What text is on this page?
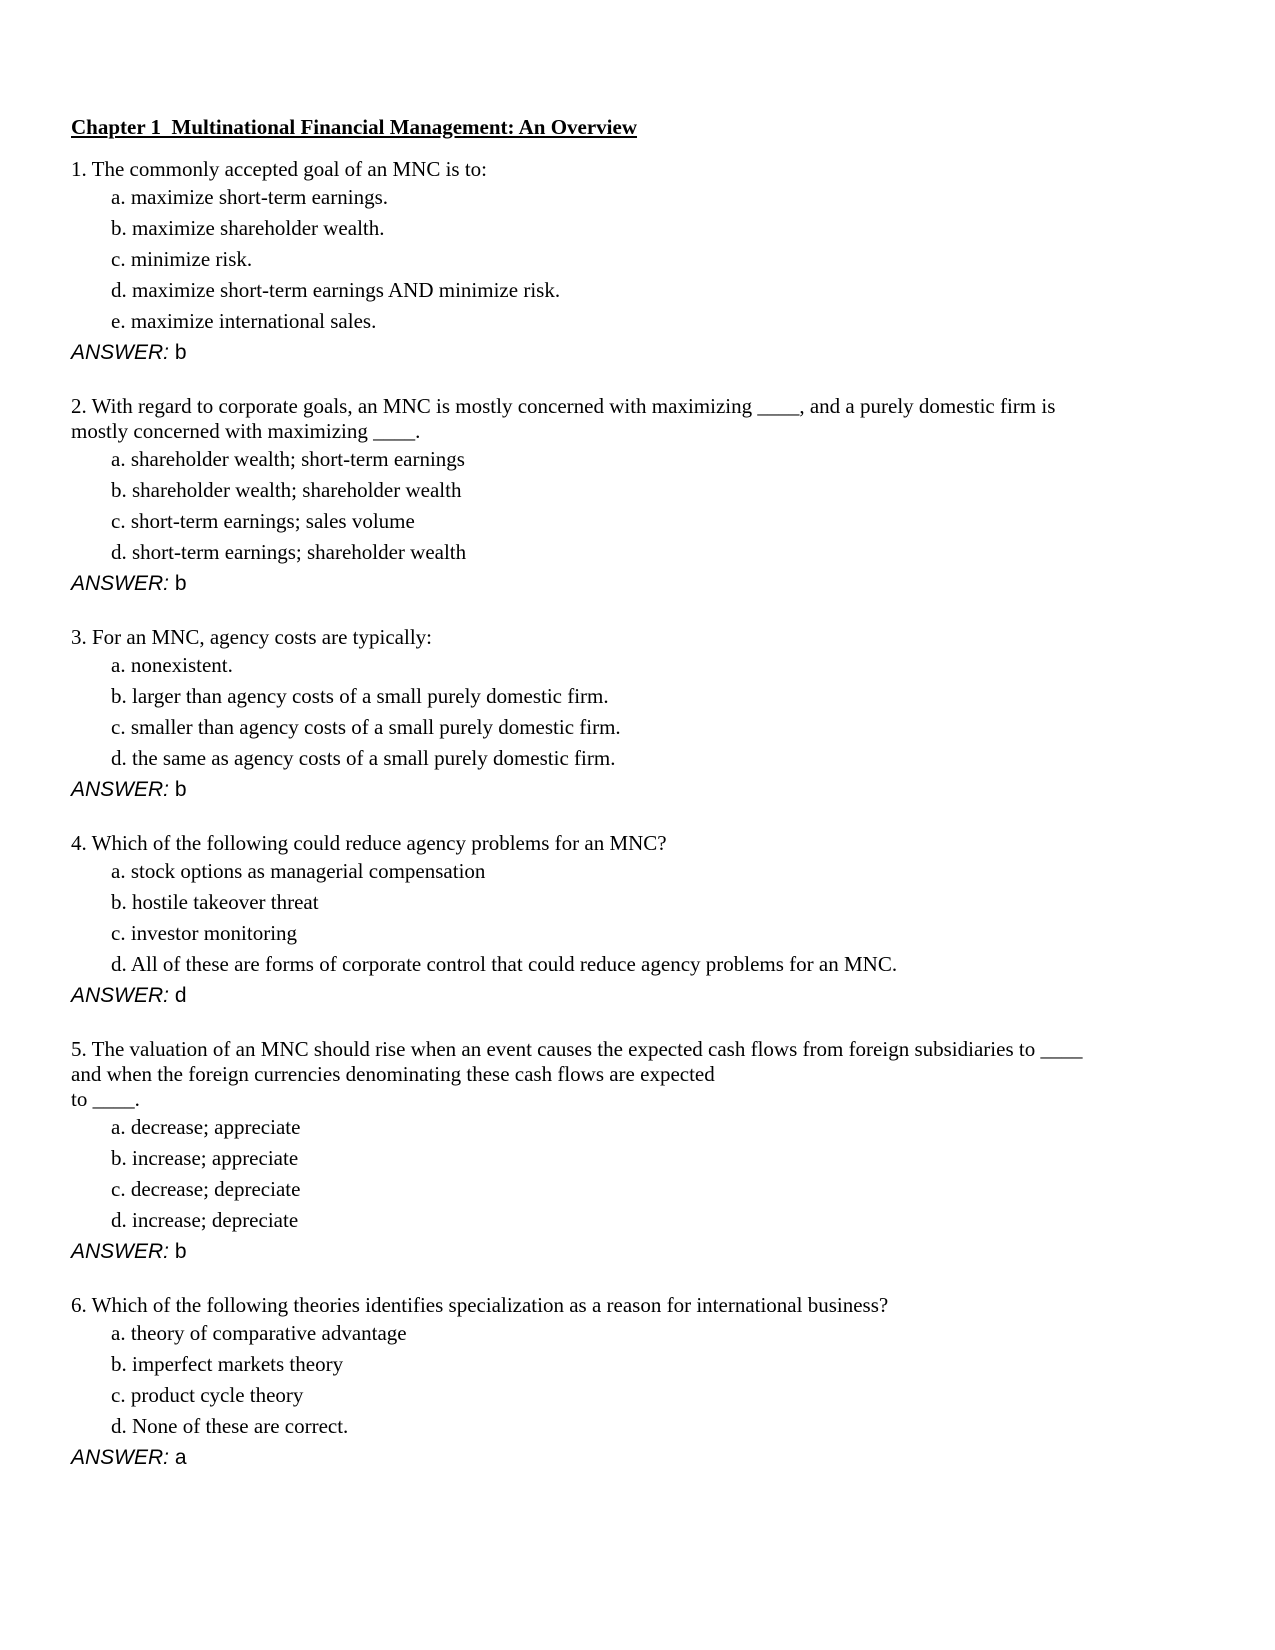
Chapter 1  Multinational Financial Management: An Overview
1. The commonly accepted goal of an MNC is to:
a. maximize short-term earnings.
b. maximize shareholder wealth.
c. minimize risk.
d. maximize short-term earnings AND minimize risk.
e. maximize international sales.
ANSWER: b
2. With regard to corporate goals, an MNC is mostly concerned with maximizing ____, and a purely domestic firm is
mostly concerned with maximizing ____.
a. shareholder wealth; short-term earnings
b. shareholder wealth; shareholder wealth
c. short-term earnings; sales volume
d. short-term earnings; shareholder wealth
ANSWER: b
3. For an MNC, agency costs are typically:
a. nonexistent.
b. larger than agency costs of a small purely domestic firm.
c. smaller than agency costs of a small purely domestic firm.
d. the same as agency costs of a small purely domestic firm.
ANSWER: b
4. Which of the following could reduce agency problems for an MNC?
a. stock options as managerial compensation
b. hostile takeover threat
c. investor monitoring
d. All of these are forms of corporate control that could reduce agency problems for an MNC.
ANSWER: d
5. The valuation of an MNC should rise when an event causes the expected cash flows from foreign subsidiaries to ____
and when the foreign currencies denominating these cash flows are expected
to ____.
a. decrease; appreciate
b. increase; appreciate
c. decrease; depreciate
d. increase; depreciate
ANSWER: b
6. Which of the following theories identifies specialization as a reason for international business?
a. theory of comparative advantage
b. imperfect markets theory
c. product cycle theory
d. None of these are correct.
ANSWER: a
